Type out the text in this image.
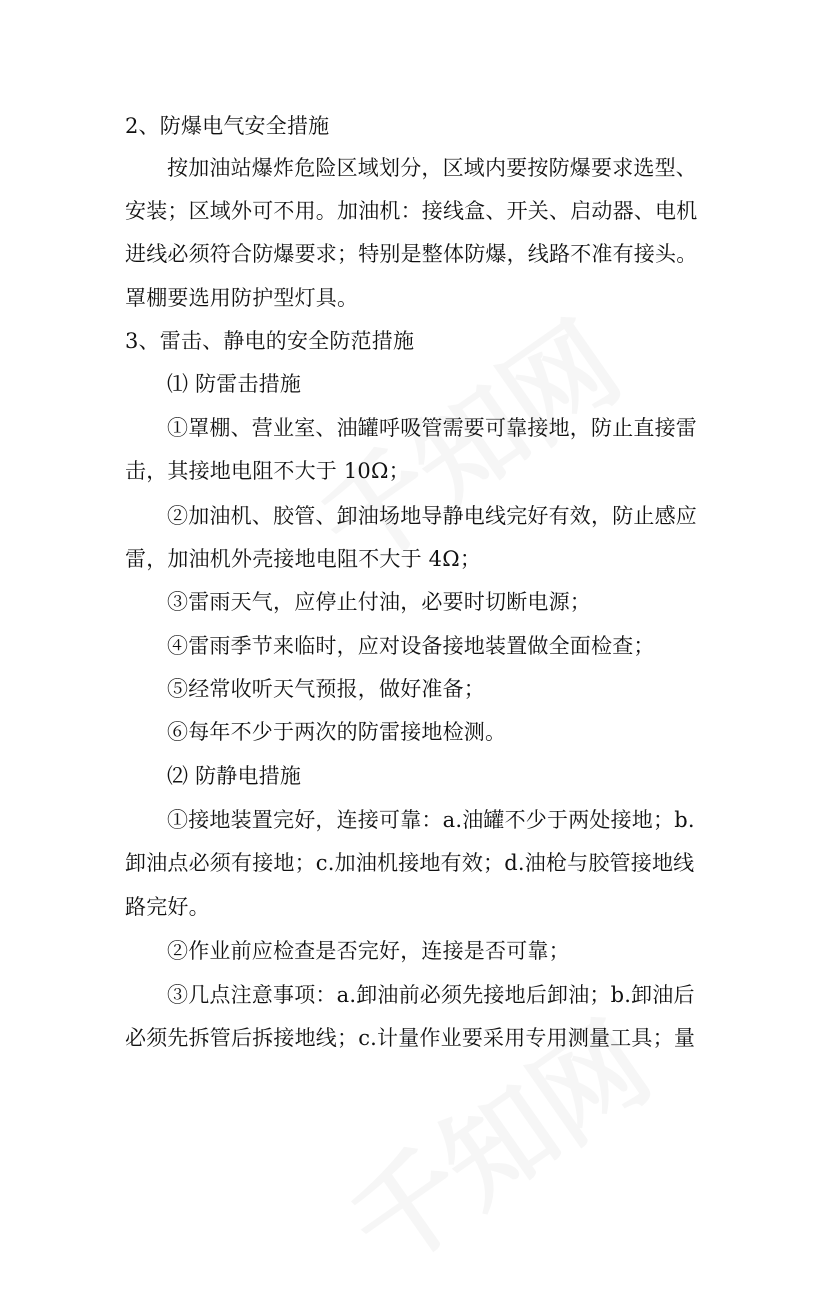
2、防爆电气安全措施
按加油站爆炸危险区域划分，区域内要按防爆要求选型、
安装；区域外可不用。加油机：接线盒、开关、启动器、电机
进线必须符合防爆要求；特别是整体防爆，线路不准有接头。
罩棚要选用防护型灯具。
3、雷击、静电的安全防范措施
⑴ 防雷击措施
①罩棚、营业室、油罐呼吸管需要可靠接地，防止直接雷
击，其接地电阻不大于 10Ω；
②加油机、胶管、卸油场地导静电线完好有效，防止感应
雷，加油机外壳接地电阻不大于 4Ω；
③雷雨天气，应停止付油，必要时切断电源；
④雷雨季节来临时，应对设备接地装置做全面检查；
⑤经常收听天气预报，做好准备；
⑥每年不少于两次的防雷接地检测。
⑵ 防静电措施
①接地装置完好，连接可靠：a.油罐不少于两处接地；b.
卸油点必须有接地；c.加油机接地有效；d.油枪与胶管接地线
路完好。
②作业前应检查是否完好，连接是否可靠；
③几点注意事项：a.卸油前必须先接地后卸油；b.卸油后
必须先拆管后拆接地线；c.计量作业要采用专用测量工具；量
